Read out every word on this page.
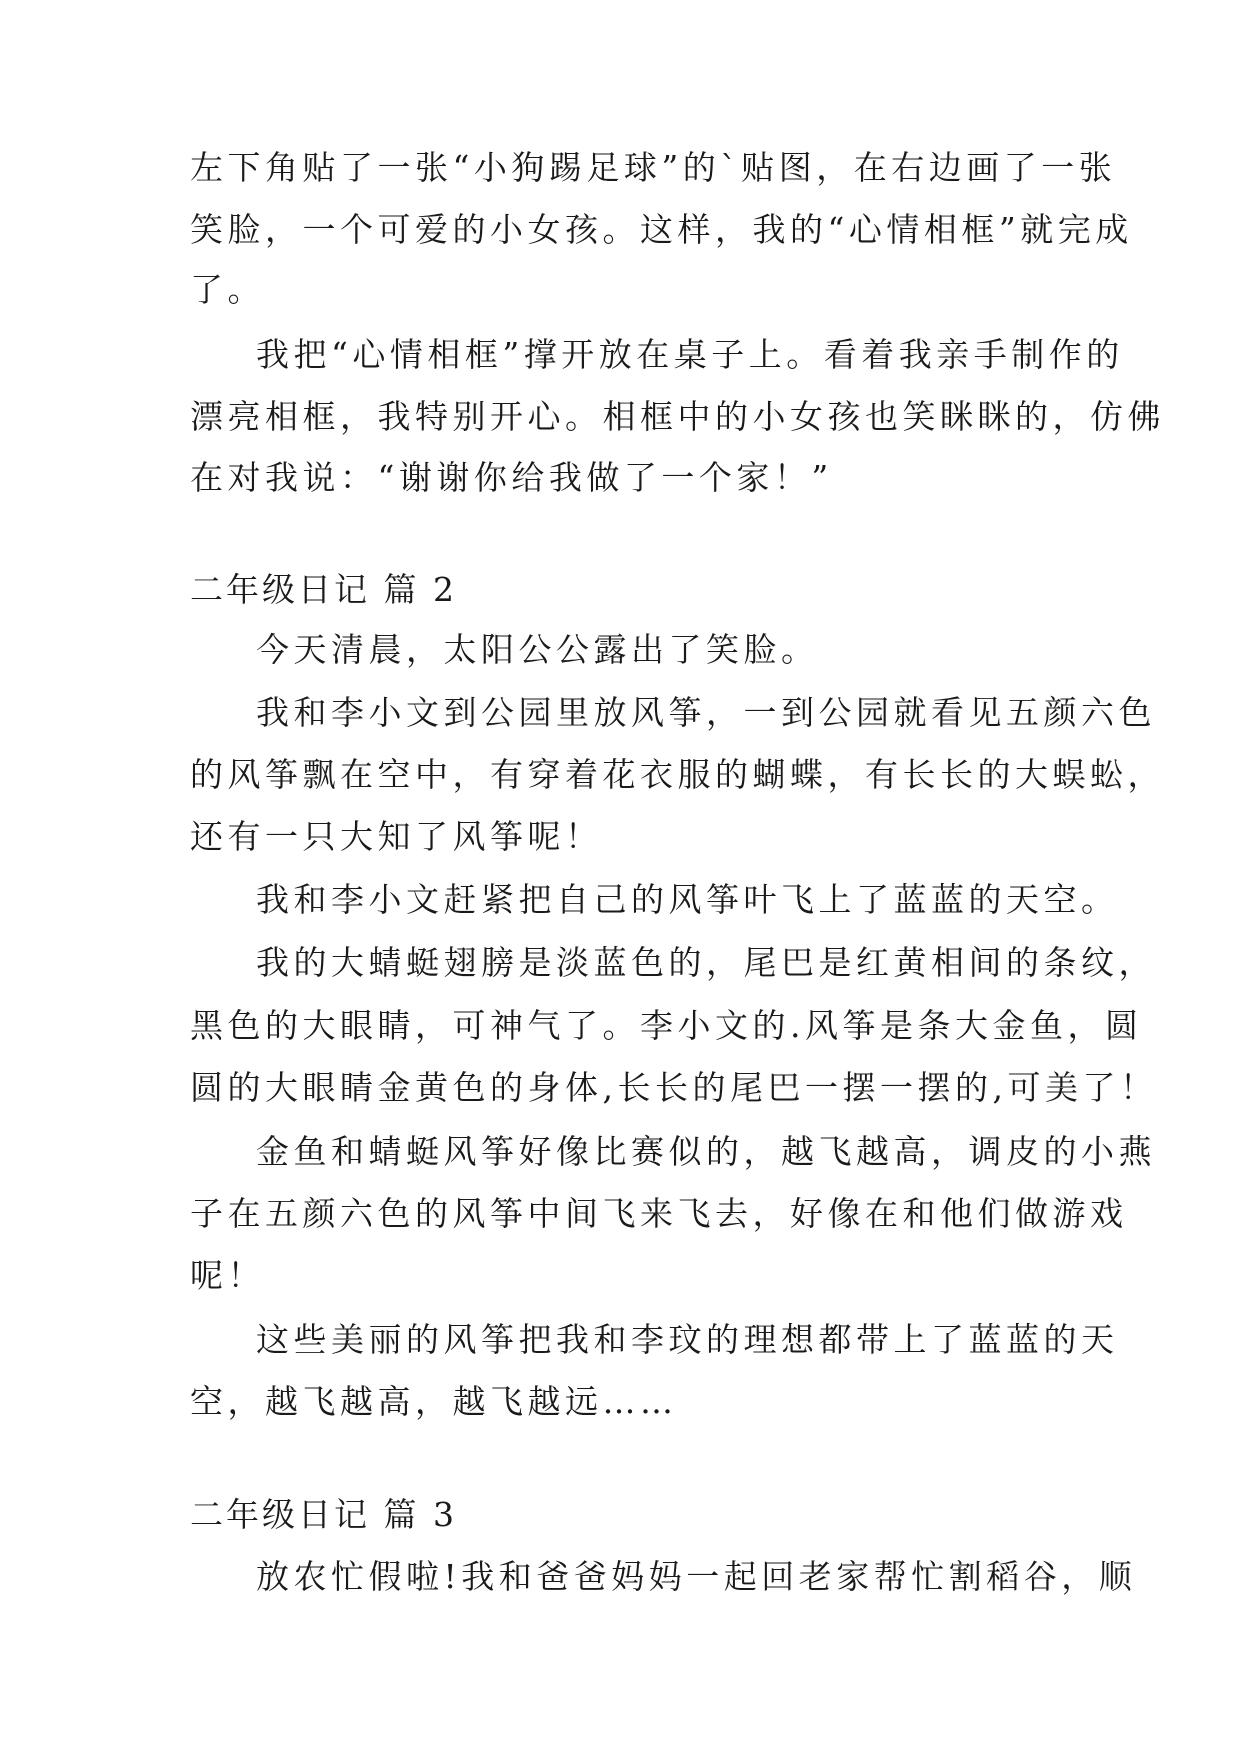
左下角贴了一张“小狗踢足球”的`贴图，在右边画了一张
笑脸，一个可爱的小女孩。这样，我的“心情相框”就完成
了。
我把“心情相框”撑开放在桌子上。看着我亲手制作的
漂亮相框，我特别开心。相框中的小女孩也笑眯眯的，仿佛
在对我说：“谢谢你给我做了一个家！”
二年级日记 篇 2
今天清晨，太阳公公露出了笑脸。
我和李小文到公园里放风筝，一到公园就看见五颜六色
的风筝飘在空中，有穿着花衣服的蝴蝶，有长长的大蜈蚣，
还有一只大知了风筝呢！
我和李小文赶紧把自己的风筝叶飞上了蓝蓝的天空。
我的大蜻蜓翅膀是淡蓝色的，尾巴是红黄相间的条纹，
黑色的大眼睛，可神气了。李小文的.风筝是条大金鱼，圆
圆的大眼睛金黄色的身体,长长的尾巴一摆一摆的,可美了！
金鱼和蜻蜓风筝好像比赛似的，越飞越高，调皮的小燕
子在五颜六色的风筝中间飞来飞去，好像在和他们做游戏
呢！
这些美丽的风筝把我和李玟的理想都带上了蓝蓝的天
空，越飞越高，越飞越远……
二年级日记 篇 3
放农忙假啦!我和爸爸妈妈一起回老家帮忙割稻谷，顺
